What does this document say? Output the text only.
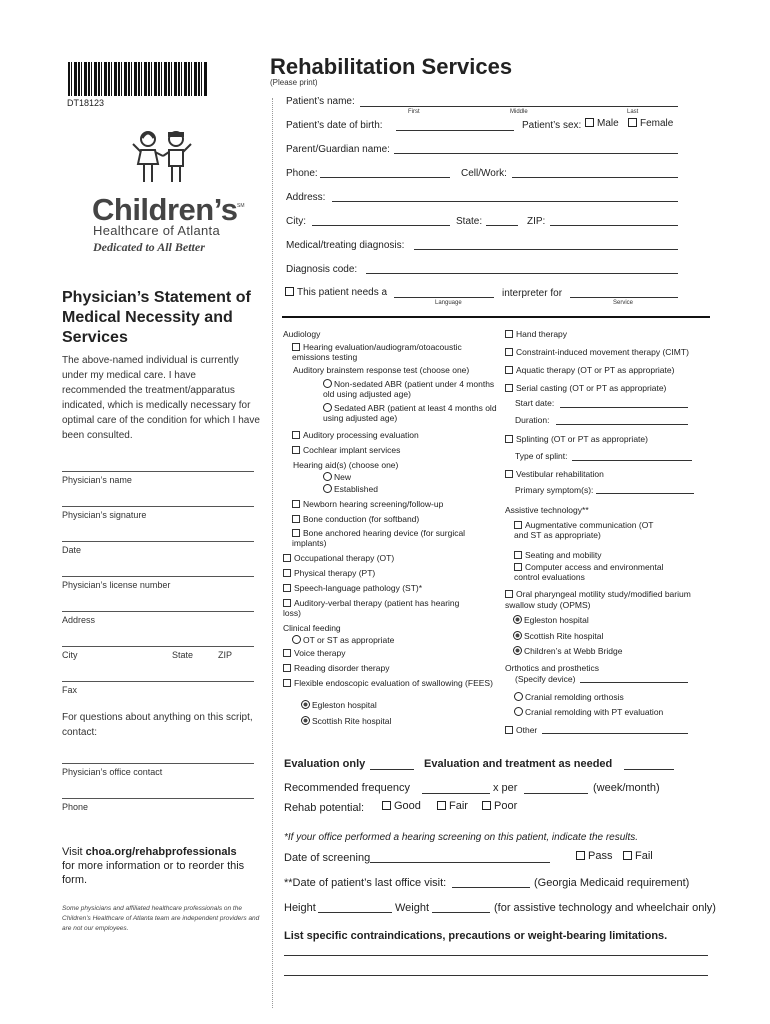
DT18123
Children’s SM
Healthcare of Atlanta
Dedicated to All Better
Physician’s Statement of Medical Necessity and Services
The above-named individual is currently under my medical care. I have recommended the treatment/apparatus indicated, which is medically necessary for optimal care of the condition for which I have been consulted.
Physician’s name
Physician’s signature
Date
Physician’s license number
Address
City	State	ZIP
Fax
For questions about anything on this script, contact:
Physician’s office contact
Phone
Visit choa.org/rehabprofessionals
for more information or to reorder this form.
Some physicians and affiliated healthcare professionals on the Children’s Healthcare of Atlanta team are independent providers and are not our employees.
Rehabilitation Services
(Please print)
Patient’s name:
First	Middle	Last
Patient’s date of birth:	Patient’s sex:	Male	Female
Parent/Guardian name:
Phone:	Cell/Work:
Address:
City:	State:	ZIP:
Medical/treating diagnosis:
Diagnosis code:
This patient needs a	interpreter for
Language	Service
Audiology
Hearing evaluation/audiogram/otoacoustic emissions testing
Auditory brainstem response test (choose one)
Non-sedated ABR (patient under 4 months old using adjusted age)
Sedated ABR (patient at least 4 months old using adjusted age)
Auditory processing evaluation
Cochlear implant services
Hearing aid(s) (choose one)
New
Established
Newborn hearing screening/follow-up
Bone conduction (for softband)
Bone anchored hearing device (for surgical implants)
Occupational therapy (OT)
Physical therapy (PT)
Speech-language pathology (ST)*
Auditory-verbal therapy (patient has hearing loss)
Clinical feeding
OT or ST as appropriate
Voice therapy
Reading disorder therapy
Flexible endoscopic evaluation of swallowing (FEES)
Egleston hospital
Scottish Rite hospital
Hand therapy
Constraint-induced movement therapy (CIMT)
Aquatic therapy (OT or PT as appropriate)
Serial casting (OT or PT as appropriate)
Start date:
Duration:
Splinting (OT or PT as appropriate)
Type of splint:
Vestibular rehabilitation
Primary symptom(s):
Assistive technology**
Augmentative communication (OT and ST as appropriate)
Seating and mobility
Computer access and environmental control evaluations
Oral pharyngeal motility study/modified barium swallow study (OPMS)
Egleston hospital
Scottish Rite hospital
Children’s at Webb Bridge
Orthotics and prosthetics
(Specify device)
Cranial remolding orthosis
Cranial remolding with PT evaluation
Other
Evaluation only	Evaluation and treatment as needed
Recommended frequency	x per	(week/month)
Rehab potential:	Good	Fair	Poor
*If your office performed a hearing screening on this patient, indicate the results.
Date of screening	Pass	Fail
**Date of patient’s last office visit:	(Georgia Medicaid requirement)
Height	Weight	(for assistive technology and wheelchair only)
List specific contraindications, precautions or weight-bearing limitations.
